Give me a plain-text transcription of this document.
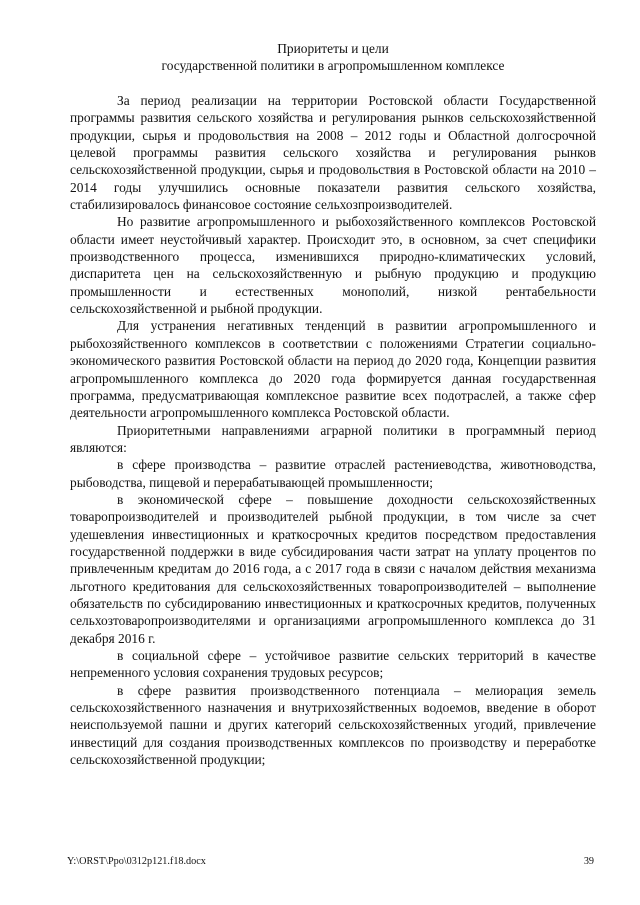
Приоритеты и цели
государственной политики в агропромышленном комплексе

За период реализации на территории Ростовской области Государственной программы развития сельского хозяйства и регулирования рынков сельскохозяйственной продукции, сырья и продовольствия на 2008 – 2012 годы и Областной долгосрочной целевой программы развития сельского хозяйства и регулирования рынков сельскохозяйственной продукции, сырья и продовольствия в Ростовской области на 2010 – 2014 годы улучшились основные показатели развития сельского хозяйства, стабилизировалось финансовое состояние сельхозпроизводителей.

Но развитие агропромышленного и рыбохозяйственного комплексов Ростовской области имеет неустойчивый характер. Происходит это, в основном, за счет специфики производственного процесса, изменившихся природно-климатических условий, диспаритета цен на сельскохозяйственную и рыбную продукцию и продукцию промышленности и естественных монополий, низкой рентабельности сельскохозяйственной и рыбной продукции.

Для устранения негативных тенденций в развитии агропромышленного и рыбохозяйственного комплексов в соответствии с положениями Стратегии социально-экономического развития Ростовской области на период до 2020 года, Концепции развития агропромышленного комплекса до 2020 года формируется данная государственная программа, предусматривающая комплексное развитие всех подотраслей, а также сфер деятельности агропромышленного комплекса Ростовской области.

Приоритетными направлениями аграрной политики в программный период являются:

в сфере производства – развитие отраслей растениеводства, животноводства, рыбоводства, пищевой и перерабатывающей промышленности;

в экономической сфере – повышение доходности сельскохозяйственных товаропроизводителей и производителей рыбной продукции, в том числе за счет удешевления инвестиционных и краткосрочных кредитов посредством предоставления государственной поддержки в виде субсидирования части затрат на уплату процентов по привлеченным кредитам до 2016 года, а с 2017 года в связи с началом действия механизма льготного кредитования для сельскохозяйственных товаропроизводителей – выполнение обязательств по субсидированию инвестиционных и краткосрочных кредитов, полученных сельхозтоваропроизводителями и организациями агропромышленного комплекса до 31 декабря 2016 г.

в социальной сфере – устойчивое развитие сельских территорий в качестве непременного условия сохранения трудовых ресурсов;

в сфере развития производственного потенциала – мелиорация земель сельскохозяйственного назначения и внутрихозяйственных водоемов, введение в оборот неиспользуемой пашни и других категорий сельскохозяйственных угодий, привлечение инвестиций для создания производственных комплексов по производству и переработке сельскохозяйственной продукции;

Y:\ORST\Ppo\0312p121.f18.docx	39
